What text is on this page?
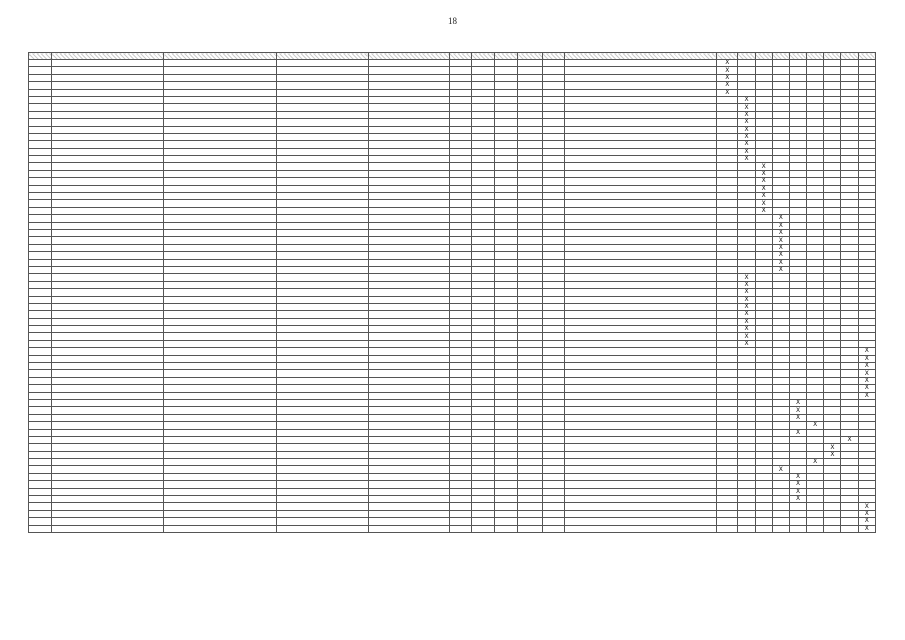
18

											X								
											X								
											X								
											X								
											X								
												X							
												X							
												X							
												X							
												X							
												X							
												X							
												X							
												X							
													X						
													X						
													X						
													X						
													X						
													X						
													X						
														X					
														X					
														X					
														X					
														X					
														X					
														X					
														X					
												X							
												X							
												X							
												X							
												X							
												X							
												X							
												X							
												X							
												X							
																			X
																			X
																			X
																			X
																			X
																			X
																			X
															X				
															X				
															X				
																X			
															X				
																		X	
																	X		
																	X		
																X			
														X					
															X				
															X				
															X				
															X				
																			X
																			X
																			X
																			X
